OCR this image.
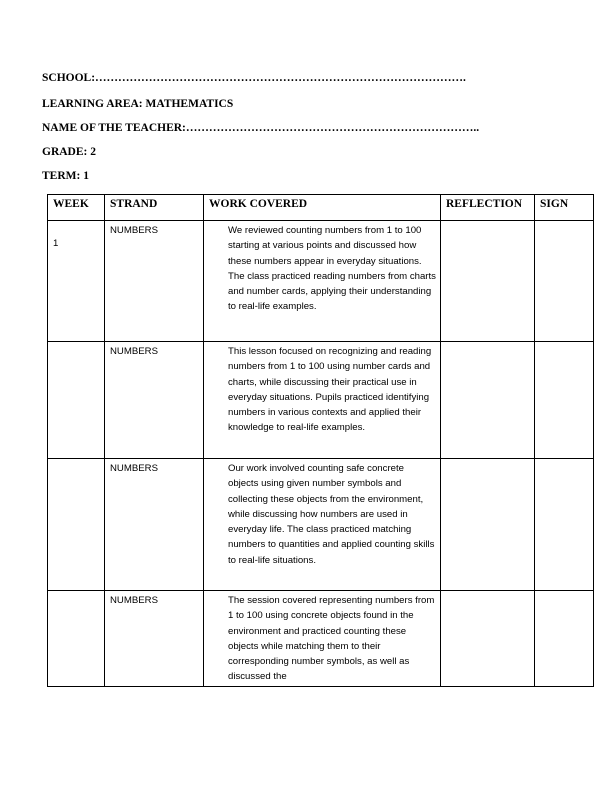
SCHOOL:…………………………………………………………………………………….
LEARNING AREA: MATHEMATICS
NAME OF THE TEACHER:…………………………………………………………………..
GRADE: 2
TERM: 1
WEEK	STRAND	WORK COVERED	REFLECTION	SIGN

1	NUMBERS	We reviewed counting numbers from 1 to 100 starting at various points and discussed how these numbers appear in everyday situations. The class practiced reading numbers from charts and number cards, applying their understanding to real-life examples.		

	NUMBERS	This lesson focused on recognizing and reading numbers from 1 to 100 using number cards and charts, while discussing their practical use in everyday situations. Pupils practiced identifying numbers in various contexts and applied their knowledge to real-life examples.		

	NUMBERS	Our work involved counting safe concrete objects using given number symbols and collecting these objects from the environment, while discussing how numbers are used in everyday life. The class practiced matching numbers to quantities and applied counting skills to real-life situations.		

	NUMBERS	The session covered representing numbers from 1 to 100 using concrete objects found in the environment and practiced counting these objects while matching them to their corresponding number symbols, as well as discussed the		
